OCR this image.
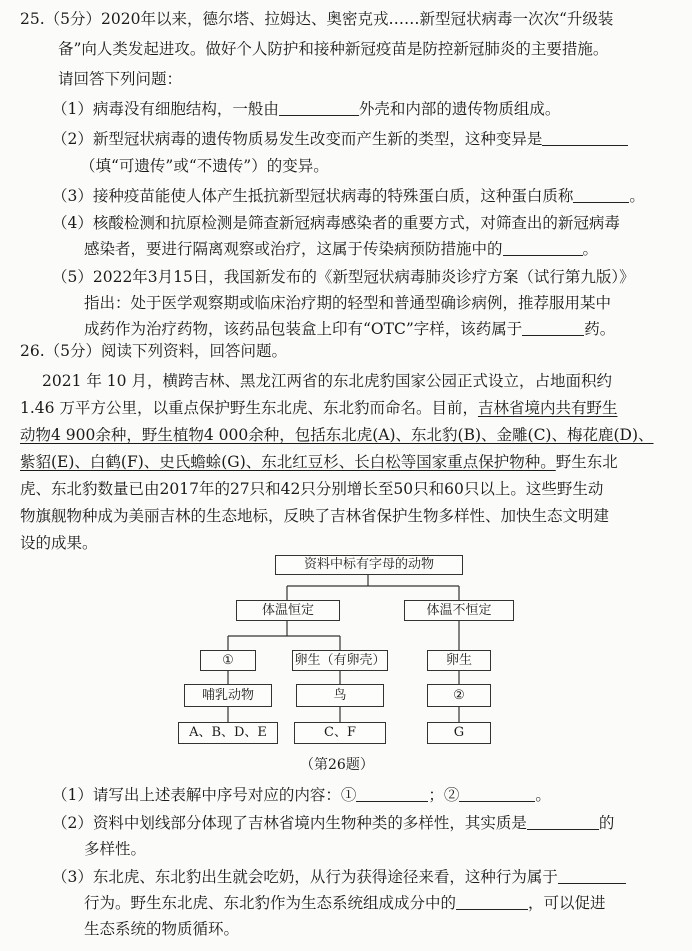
25.（5分）2020年以来，德尔塔、拉姆达、奥密克戎……新型冠状病毒一次次“升级装
备”向人类发起进攻。做好个人防护和接种新冠疫苗是防控新冠肺炎的主要措施。
请回答下列问题：
（1）病毒没有细胞结构，一般由	外壳和内部的遗传物质组成。
（2）新型冠状病毒的遗传物质易发生改变而产生新的类型，这种变异是
（填“可遗传”或“不遗传”）的变异。
（3）接种疫苗能使人体产生抵抗新型冠状病毒的特殊蛋白质，这种蛋白质称	。
（4）核酸检测和抗原检测是筛查新冠病毒感染者的重要方式，对筛查出的新冠病毒
感染者，要进行隔离观察或治疗，这属于传染病预防措施中的	。
（5）2022年3月15日，我国新发布的《新型冠状病毒肺炎诊疗方案（试行第九版）》
指出：处于医学观察期或临床治疗期的轻型和普通型确诊病例，推荐服用某中
成药作为治疗药物，该药品包装盒上印有“OTC”字样，该药属于	药。
26.（5分）阅读下列资料，回答问题。
2021 年 10 月，横跨吉林、黑龙江两省的东北虎豹国家公园正式设立，占地面积约
1.46 万平方公里，以重点保护野生东北虎、东北豹而命名。目前，吉林省境内共有野生
动物4 900余种，野生植物4 000余种，包括东北虎(A)、东北豹(B)、金雕(C)、梅花鹿(D)、
紫貂(E)、白鹤(F)、史氏蟾蜍(G)、东北红豆杉、长白松等国家重点保护物种。野生东北
虎、东北豹数量已由2017年的27只和42只分别增长至50只和60只以上。这些野生动
物旗舰物种成为美丽吉林的生态地标，反映了吉林省保护生物多样性、加快生态文明建
设的成果。
资料中标有字母的动物
体温恒定	体温不恒定
①	卵生（有卵壳）	卵生
哺乳动物	鸟	②
A、B、D、E	C、F	G
（第26题）
（1）请写出上述表解中序号对应的内容：①	；②	。
（2）资料中划线部分体现了吉林省境内生物种类的多样性，其实质是	的
多样性。
（3）东北虎、东北豹出生就会吃奶，从行为获得途径来看，这种行为属于
行为。野生东北虎、东北豹作为生态系统组成成分中的	，可以促进
生态系统的物质循环。
